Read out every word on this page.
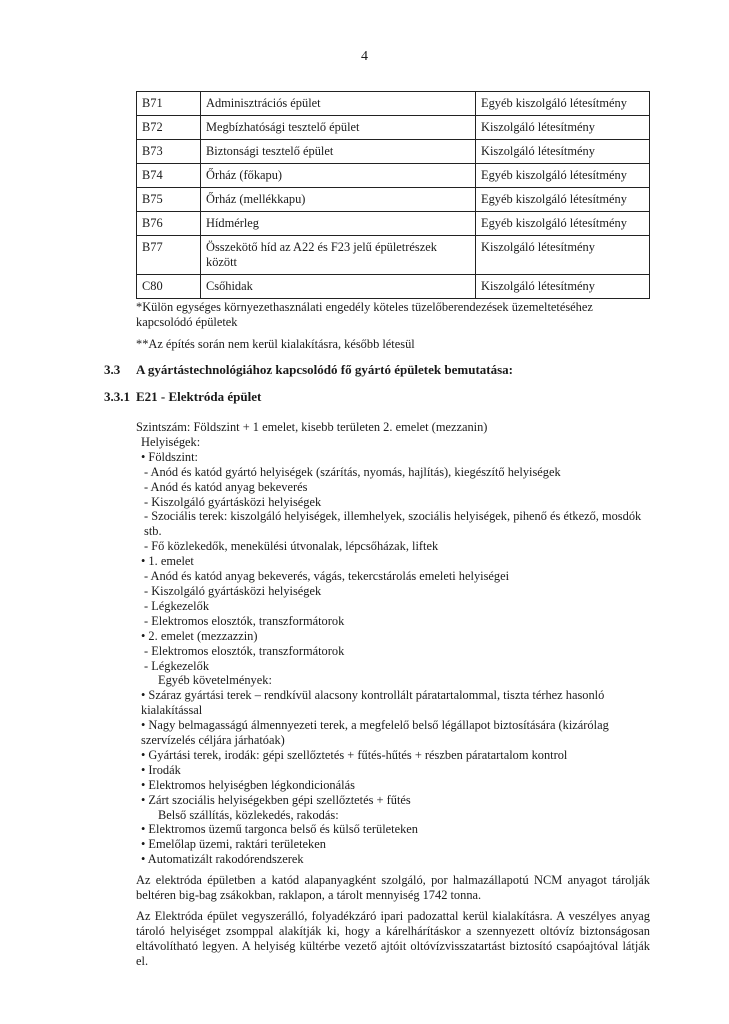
4
B71	Adminisztrációs épület	Egyéb kiszolgáló létesítmény
B72	Megbízhatósági tesztelő épület	Kiszolgáló létesítmény
B73	Biztonsági tesztelő épület	Kiszolgáló létesítmény
B74	Őrház (főkapu)	Egyéb kiszolgáló létesítmény
B75	Őrház (mellékkapu)	Egyéb kiszolgáló létesítmény
B76	Hídmérleg	Egyéb kiszolgáló létesítmény
B77	Összekötő híd az A22 és F23 jelű épületrészek között	Kiszolgáló létesítmény
C80	Csőhidak	Kiszolgáló létesítmény

*Külön egységes környezethasználati engedély köteles tüzelőberendezések üzemeltetéséhez kapcsolódó épületek

**Az építés során nem kerül kialakításra, később létesül

3.3 A gyártástechnológiához kapcsolódó fő gyártó épületek bemutatása:
3.3.1 E21 - Elektróda épület
Szintszám: Földszint + 1 emelet, kisebb területen 2. emelet (mezzanin)
Helyiségek:
• Földszint:
- Anód és katód gyártó helyiségek (szárítás, nyomás, hajlítás), kiegészítő helyiségek
- Anód és katód anyag bekeverés
- Kiszolgáló gyártásközi helyiségek
- Szociális terek: kiszolgáló helyiségek, illemhelyek, szociális helyiségek, pihenő és étkező, mosdók stb.
- Fő közlekedők, menekülési útvonalak, lépcsőházak, liftek
• 1. emelet
- Anód és katód anyag bekeverés, vágás, tekercstárolás emeleti helyiségei
- Kiszolgáló gyártásközi helyiségek
- Légkezelők
- Elektromos elosztók, transzformátorok
• 2. emelet (mezzazzin)
- Elektromos elosztók, transzformátorok
- Légkezelők
Egyéb követelmények:
• Száraz gyártási terek – rendkívül alacsony kontrollált páratartalommal, tiszta térhez hasonló kialakítással
• Nagy belmagasságú álmennyezeti terek, a megfelelő belső légállapot biztosítására (kizárólag szervízelés céljára járhatóak)
• Gyártási terek, irodák: gépi szellőztetés + fűtés-hűtés + részben páratartalom kontrol
• Irodák
• Elektromos helyiségben légkondicionálás
• Zárt szociális helyiségekben gépi szellőztetés + fűtés
Belső szállítás, közlekedés, rakodás:
• Elektromos üzemű targonca belső és külső területeken
• Emelőlap üzemi, raktári területeken
• Automatizált rakodórendszerek
Az elektróda épületben a katód alapanyagként szolgáló, por halmazállapotú NCM anyagot tárolják beltéren big-bag zsákokban, raklapon, a tárolt mennyiség 1742 tonna.
Az Elektróda épület vegyszerálló, folyadékzáró ipari padozattal kerül kialakításra. A veszélyes anyag tároló helyiséget zsomppal alakítják ki, hogy a kárelhárításkor a szennyezett oltóvíz biztonságosan eltávolítható legyen. A helyiség kültérbe vezető ajtóit oltóvízvisszatartást biztosító csapóajtóval látják el.
